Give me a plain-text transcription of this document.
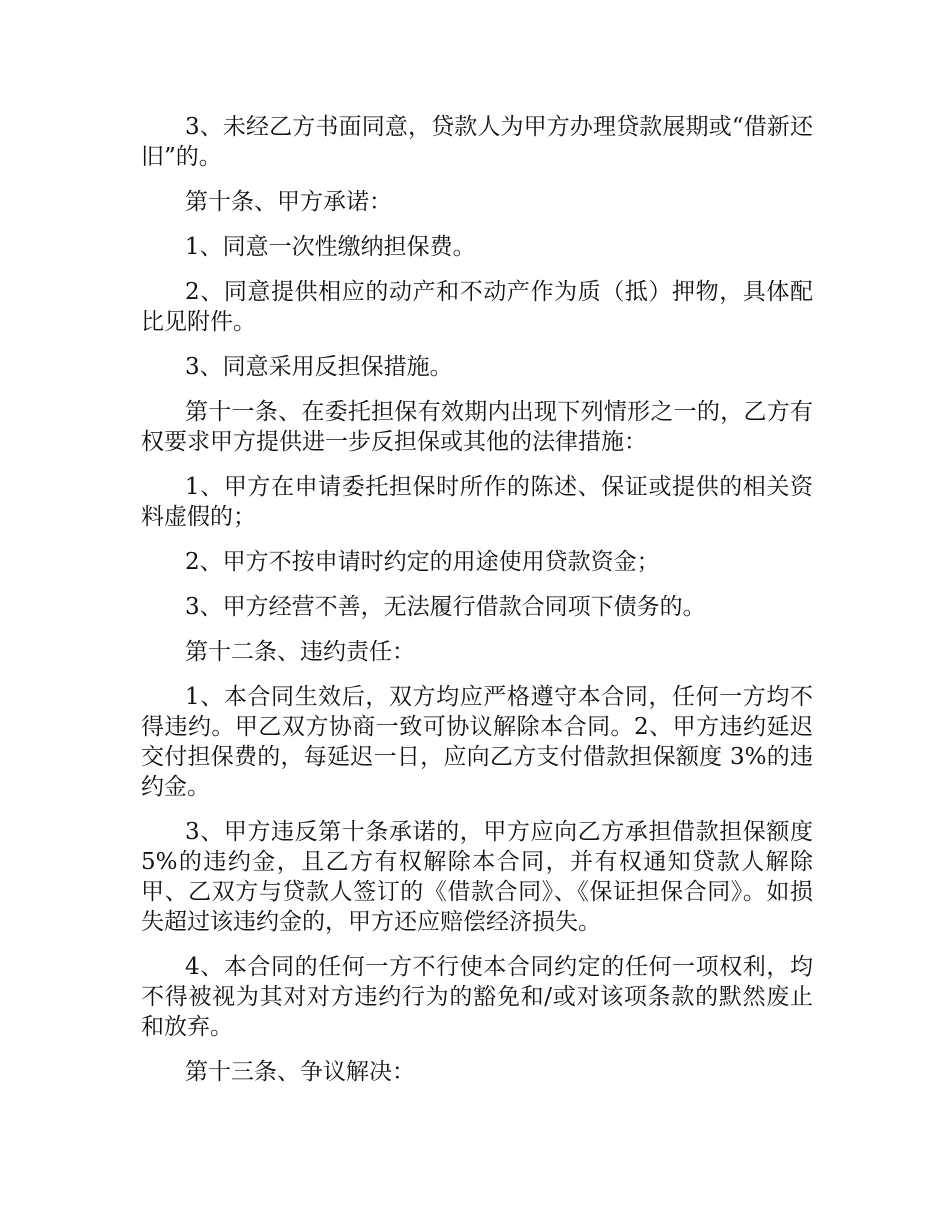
3、未经乙方书面同意，贷款人为甲方办理贷款展期或“借新还旧”的。

第十条、甲方承诺：

1、同意一次性缴纳担保费。

2、同意提供相应的动产和不动产作为质（抵）押物，具体配比见附件。

3、同意采用反担保措施。

第十一条、在委托担保有效期内出现下列情形之一的，乙方有权要求甲方提供进一步反担保或其他的法律措施：

1、甲方在申请委托担保时所作的陈述、保证或提供的相关资料虚假的；

2、甲方不按申请时约定的用途使用贷款资金；

3、甲方经营不善，无法履行借款合同项下债务的。

第十二条、违约责任：

1、本合同生效后，双方均应严格遵守本合同，任何一方均不得违约。甲乙双方协商一致可协议解除本合同。2、甲方违约延迟交付担保费的，每延迟一日，应向乙方支付借款担保额度 3%的违约金。

3、甲方违反第十条承诺的，甲方应向乙方承担借款担保额度 5%的违约金，且乙方有权解除本合同，并有权通知贷款人解除甲、乙双方与贷款人签订的《借款合同》、《保证担保合同》。如损失超过该违约金的，甲方还应赔偿经济损失。

4、本合同的任何一方不行使本合同约定的任何一项权利，均不得被视为其对对方违约行为的豁免和/或对该项条款的默然废止和放弃。

第十三条、争议解决：
